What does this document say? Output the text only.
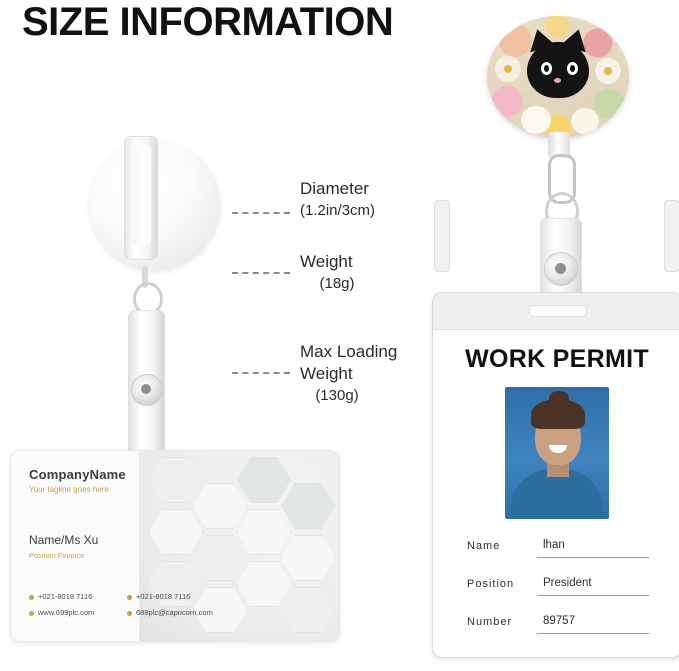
SIZE INFORMATION
CompanyName
Your tagline goes here
Name/Ms Xu
Position Finance
+021-8018 7116
www.699plc.com
+021-8018 7116
688plc@capricorn.com
Diameter
(1.2in/3cm)
Weight
(18g)
Max Loading
Weight
(130g)
WORK PERMIT
Name	lhan
Position	President
Number	89757
